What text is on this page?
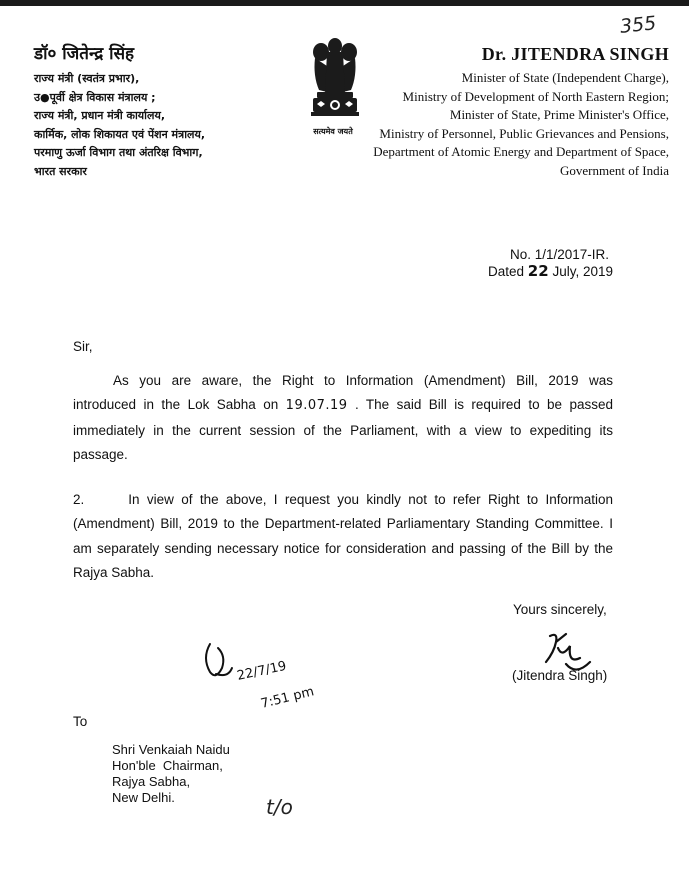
डॉ० जितेन्द्र सिंह
राज्य मंत्री (स्वतंत्र प्रभार),
उ●पूर्वी क्षेत्र विकास मंत्रालय ;
राज्य मंत्री, प्रधान मंत्री कार्यालय,
कार्मिक, लोक शिकायत एवं पेंशन मंत्रालय,
परमाणु ऊर्जा विभाग तथा अंतरिक्ष विभाग,
भारत सरकार
सत्यमेव जयते
355
Dr. JITENDRA SINGH
Minister of State (Independent Charge),
Ministry of Development of North Eastern Region;
Minister of State, Prime Minister's Office,
Ministry of Personnel, Public Grievances and Pensions,
Department of Atomic Energy and Department of Space,
Government of India
No. 1/1/2017-IR.
Dated 22 July, 2019
Sir,
As you are aware, the Right to Information (Amendment) Bill, 2019 was
introduced in the Lok Sabha on 19.07.19 . The said Bill is required to be passed
immediately in the current session of the Parliament, with a view to expediting its
passage.
2.      In view of the above, I request you kindly not to refer Right to Information
(Amendment) Bill, 2019 to the Department-related Parliamentary Standing Committee. I
am separately sending necessary notice for consideration and passing of the Bill by the
Rajya Sabha.
Yours sincerely,
(Jitendra Singh)
22/7/19
7:51 pm
To
Shri Venkaiah Naidu
Hon'ble  Chairman,
Rajya Sabha,
New Delhi.	t/o
